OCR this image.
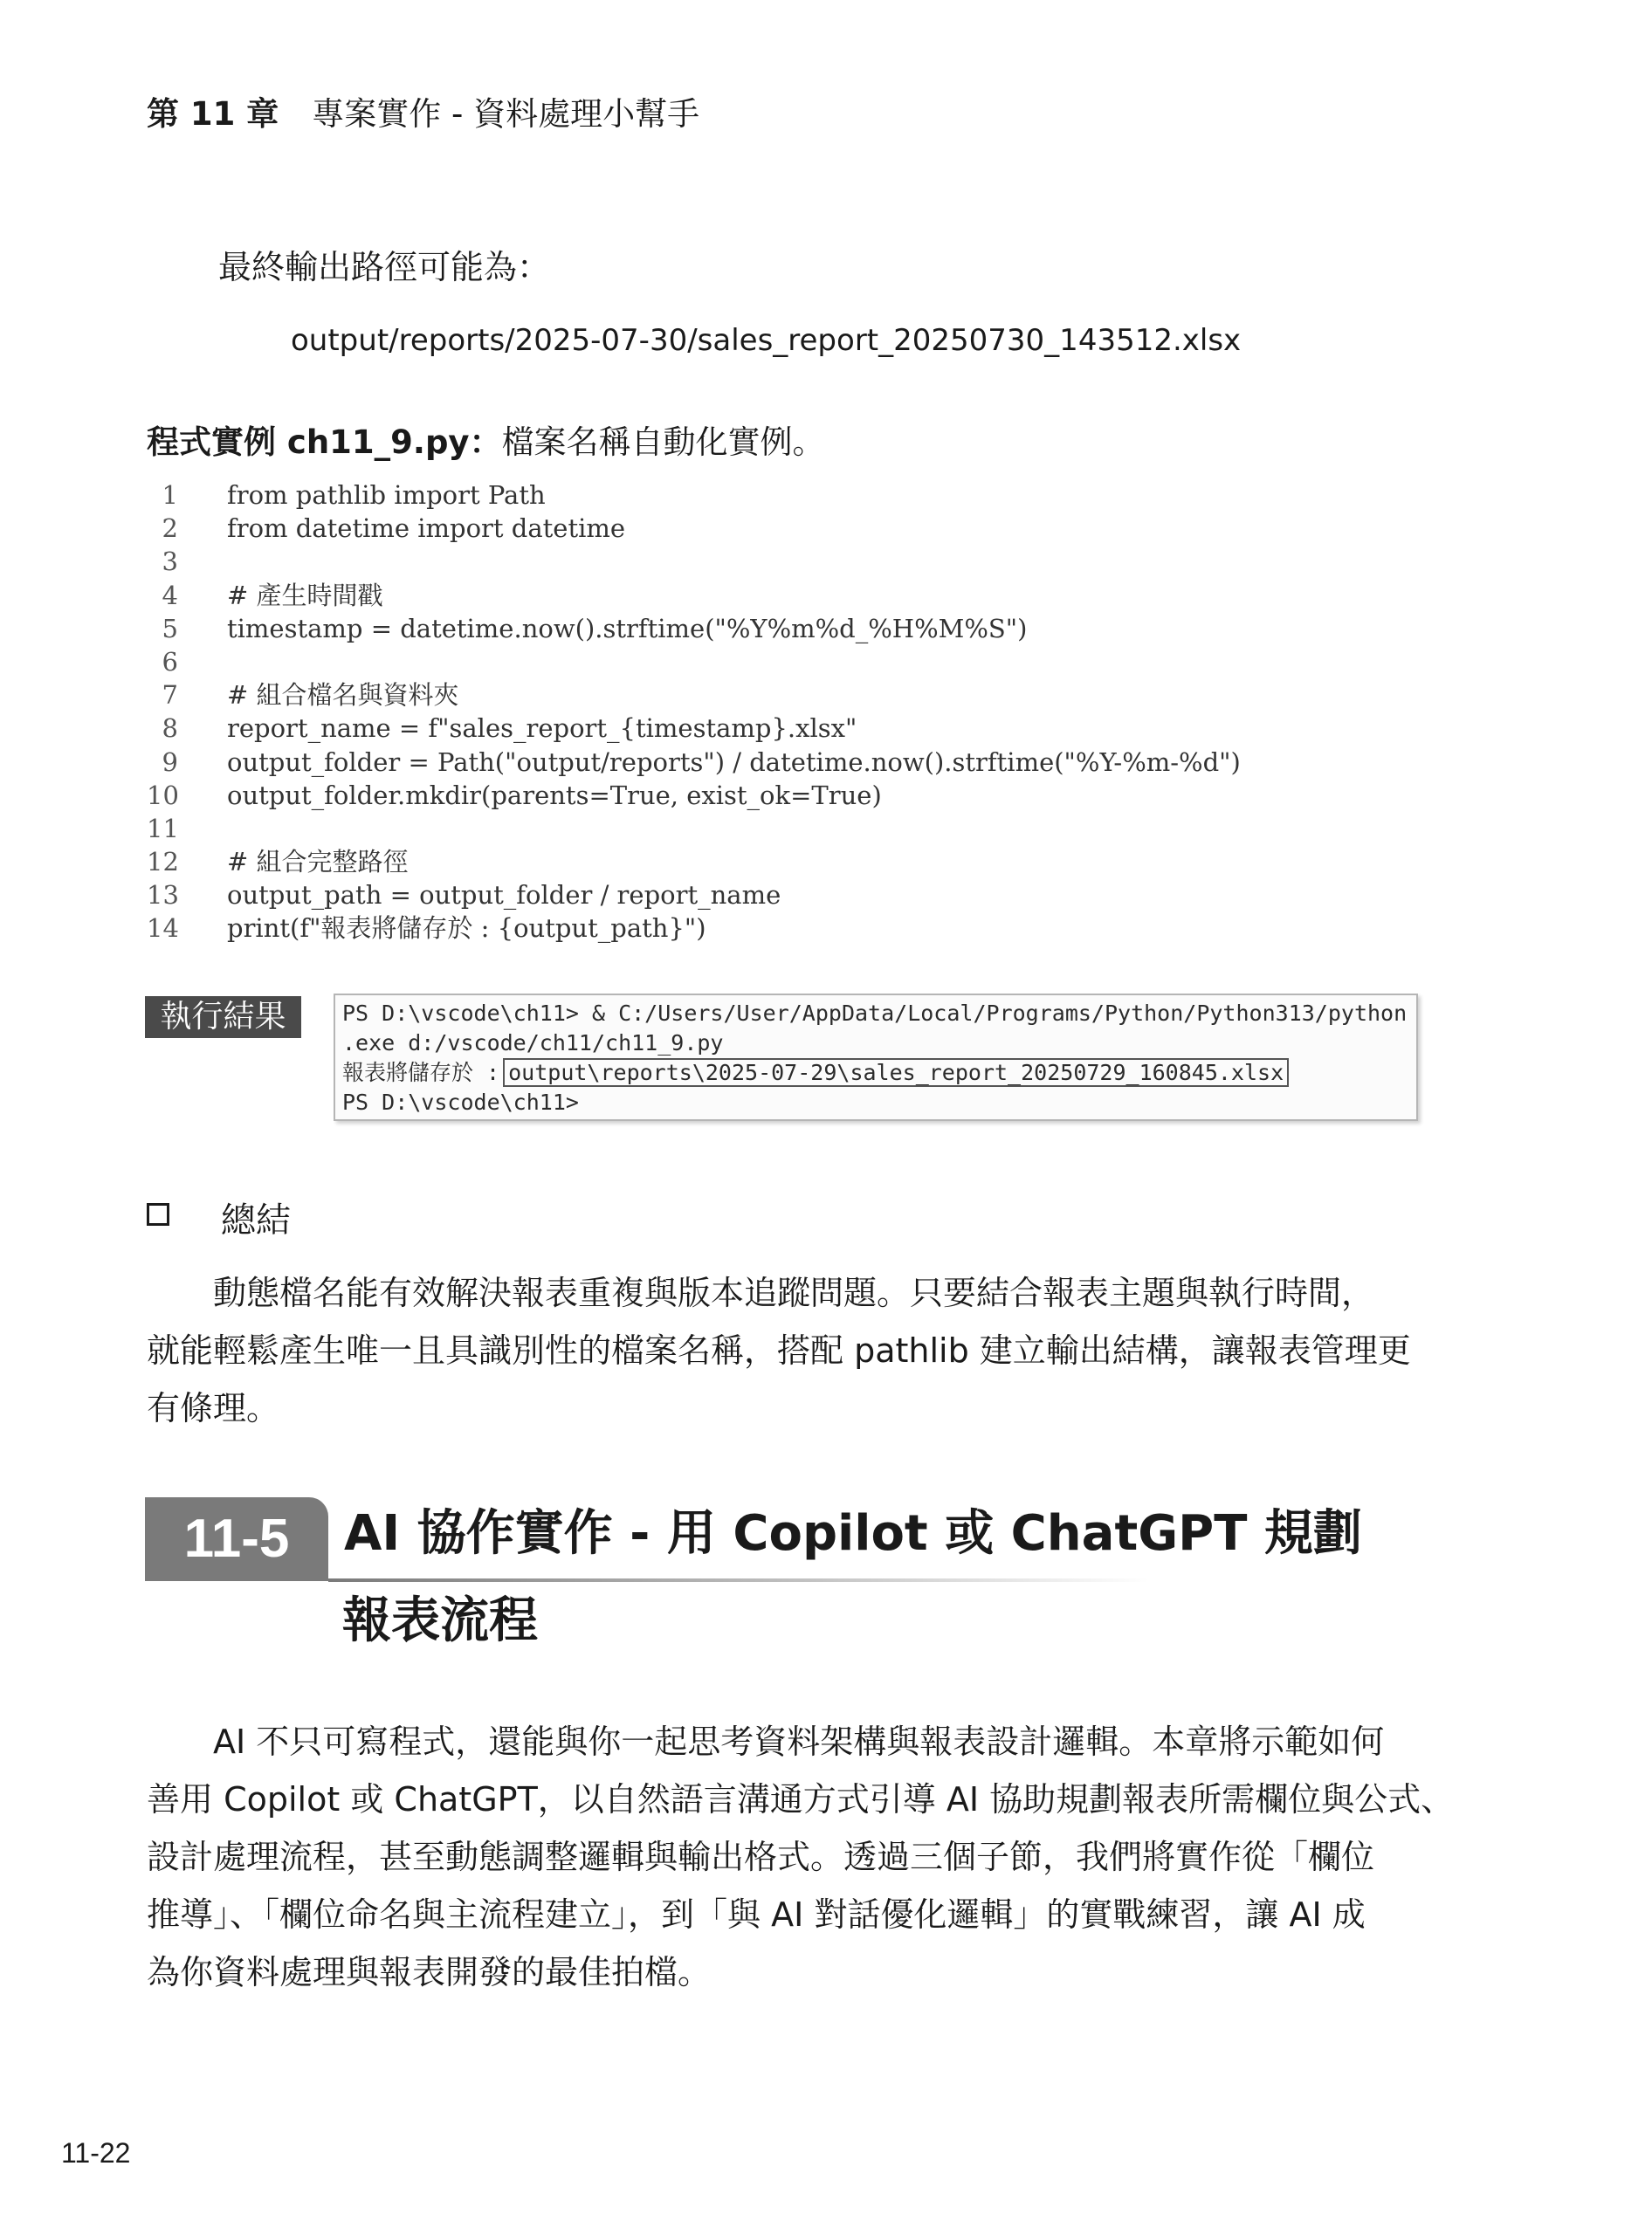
第 11 章 專案實作 - 資料處理小幫手
最終輸出路徑可能為：
output/reports/2025-07-30/sales_report_20250730_143512.xlsx
程式實例 ch11_9.py：檔案名稱自動化實例。
1 from pathlib import Path
2 from datetime import datetime
3
4 # 產生時間戳
5 timestamp = datetime.now().strftime("%Y%m%d_%H%M%S")
6
7 # 組合檔名與資料夾
8 report_name = f"sales_report_{timestamp}.xlsx"
9 output_folder = Path("output/reports") / datetime.now().strftime("%Y-%m-%d")
10 output_folder.mkdir(parents=True, exist_ok=True)
11
12 # 組合完整路徑
13 output_path = output_folder / report_name
14 print(f"報表將儲存於 : {output_path}")
執行結果	PS D:\vscode\ch11> & C:/Users/User/AppData/Local/Programs/Python/Python313/python
.exe d:/vscode/ch11/ch11_9.py
報表將儲存於 : output\reports\2025-07-29\sales_report_20250729_160845.xlsx
PS D:\vscode\ch11>
總結
　　動態檔名能有效解決報表重複與版本追蹤問題。只要結合報表主題與執行時間，
就能輕鬆產生唯一且具識別性的檔案名稱，搭配 pathlib 建立輸出結構，讓報表管理更
有條理。
11-5	AI 協作實作 - 用 Copilot 或 ChatGPT 規劃
報表流程
　　AI 不只可寫程式，還能與你一起思考資料架構與報表設計邏輯。本章將示範如何
善用 Copilot 或 ChatGPT，以自然語言溝通方式引導 AI 協助規劃報表所需欄位與公式、
設計處理流程，甚至動態調整邏輯與輸出格式。透過三個子節，我們將實作從「欄位
推導」、「欄位命名與主流程建立」，到「與 AI 對話優化邏輯」的實戰練習，讓 AI 成
為你資料處理與報表開發的最佳拍檔。
11-22
